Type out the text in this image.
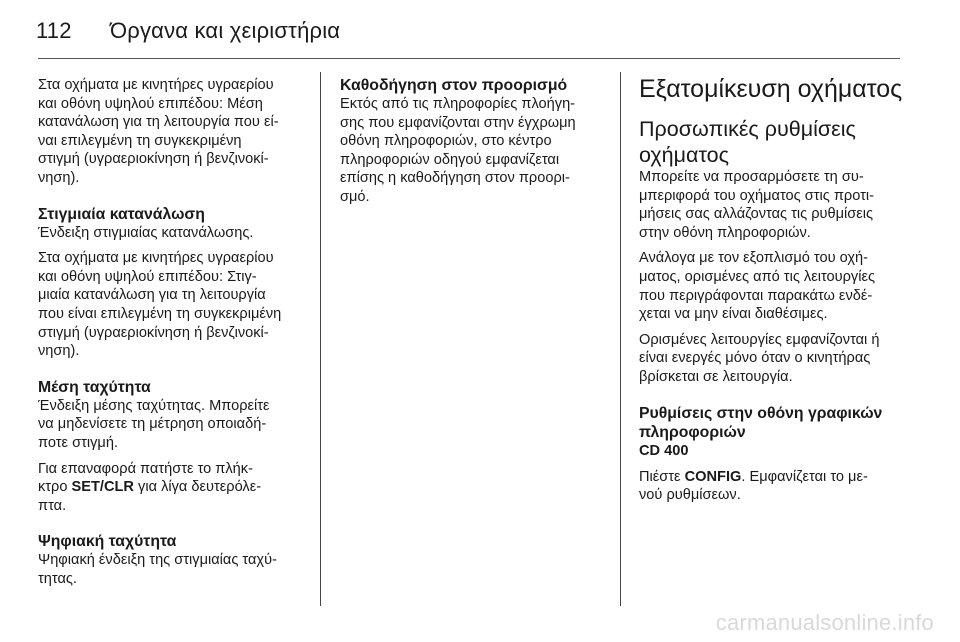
112 Όργανα και χειριστήρια

Στα οχήματα με κινητήρες υγραερίου
και οθόνη υψηλού επιπέδου: Μέση
κατανάλωση για τη λειτουργία που εί-
ναι επιλεγμένη τη συγκεκριμένη
στιγμή (υγραεριοκίνηση ή βενζινοκί-
νηση).

Στιγμιαία κατανάλωση

Ένδειξη στιγμιαίας κατανάλωσης.

Στα οχήματα με κινητήρες υγραερίου
και οθόνη υψηλού επιπέδου: Στιγ-
μιαία κατανάλωση για τη λειτουργία
που είναι επιλεγμένη τη συγκεκριμένη
στιγμή (υγραεριοκίνηση ή βενζινοκί-
νηση).

Μέση ταχύτητα

Ένδειξη μέσης ταχύτητας. Μπορείτε
να μηδενίσετε τη μέτρηση οποιαδή-
ποτε στιγμή.

Για επαναφορά πατήστε το πλήκ-
κτρο SET/CLR για λίγα δευτερόλε-
πτα.

Ψηφιακή ταχύτητα

Ψηφιακή ένδειξη της στιγμιαίας ταχύ-
τητας.

Καθοδήγηση στον προορισμό

Εκτός από τις πληροφορίες πλοήγη-
σης που εμφανίζονται στην έγχρωμη
οθόνη πληροφοριών, στο κέντρο
πληροφοριών οδηγού εμφανίζεται
επίσης η καθοδήγηση στον προορι-
σμό.

Εξατομίκευση οχήματος
Προσωπικές ρυθμίσεις
οχήματος

Μπορείτε να προσαρμόσετε τη συ-
μπεριφορά του οχήματος στις προτι-
μήσεις σας αλλάζοντας τις ρυθμίσεις
στην οθόνη πληροφοριών.

Ανάλογα με τον εξοπλισμό του οχή-
ματος, ορισμένες από τις λειτουργίες
που περιγράφονται παρακάτω ενδέ-
χεται να μην είναι διαθέσιμες.

Ορισμένες λειτουργίες εμφανίζονται ή
είναι ενεργές μόνο όταν ο κινητήρας
βρίσκεται σε λειτουργία.

Ρυθμίσεις στην οθόνη γραφικών
πληροφοριών
CD 400

Πιέστε CONFIG. Εμφανίζεται το με-
νού ρυθμίσεων.

carmanualsonline.info
